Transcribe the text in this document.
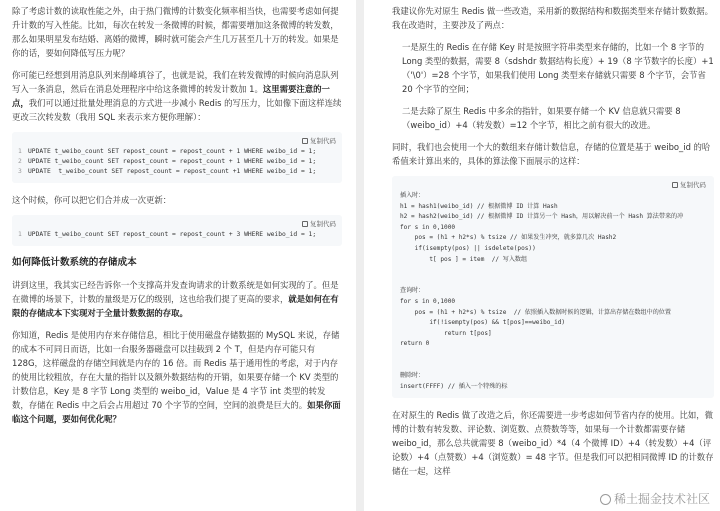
除了考虑计数的读取性能之外，由于热门微博的计数变化频率相当快，也需要考虑如何提升计数的写入性能。比如，每次在转发一条微博的时候，都需要增加这条微博的转发数，那么如果明星发布结婚、离婚的微博，瞬时就可能会产生几万甚至几十万的转发。如果是你的话，要如何降低写压力呢？

你可能已经想到用消息队列来削峰填谷了，也就是说，我们在转发微博的时候向消息队列写入一条消息，然后在消息处理程序中给这条微博的转发计数加 1。这里需要注意的一点，我们可以通过批量处理消息的方式进一步减小 Redis 的写压力，比如像下面这样连续更改三次转发数（我用 SQL 来表示来方便你理解）：

复制代码
1 UPDATE t_weibo_count SET repost_count = repost_count + 1 WHERE weibo_id = 1;
2 UPDATE t_weibo_count SET repost_count = repost_count + 1 WHERE weibo_id = 1;
3 UPDATE  t_weibo_count SET repost_count = repost_count +1 WHERE weibo_id = 1;

这个时候，你可以把它们合并成一次更新：

复制代码
1 UPDATE t_weibo_count SET repost_count = repost_count + 3 WHERE weibo_id = 1;
如何降低计数系统的存储成本

讲到这里，我其实已经告诉你一个支撑高并发查询请求的计数系统是如何实现的了。但是在微博的场景下，计数的量级是万亿的级别，这也给我们提了更高的要求，就是如何在有限的存储成本下实现对于全量计数数据的存取。

你知道，Redis 是使用内存来存储信息，相比于使用磁盘存储数据的 MySQL 来说，存储的成本不可同日而语，比如一台服务器磁盘可以挂载到 2 个 T，但是内存可能只有 128G，这样磁盘的存储空间就是内存的 16 倍。而 Redis 基于通用性的考虑，对于内存的使用比较粗放，存在大量的指针以及额外数据结构的开销，如果要存储一个 KV 类型的计数信息，Key 是 8 字节 Long 类型的 weibo_id，Value 是 4 字节 int 类型的转发数，存储在 Redis 中之后会占用超过 70 个字节的空间，空间的浪费是巨大的。如果你面临这个问题，要如何优化呢？

我建议你先对原生 Redis 做一些改造，采用新的数据结构和数据类型来存储计数数据。我在改造时，主要涉及了两点：

一是原生的 Redis 在存储 Key 时是按照字符串类型来存储的，比如一个 8 字节的 Long 类型的数据，需要 8（sdshdr 数据结构长度）+ 19（8 字节数字的长度）+1（'\0'）=28 个字节，如果我们使用 Long 类型来存储就只需要 8 个字节，会节省 20 个字节的空间；

二是去除了原生 Redis 中多余的指针，如果要存储一个 KV 信息就只需要 8（weibo_id）+4（转发数）=12 个字节，相比之前有很大的改进。

同时，我们也会使用一个大的数组来存储计数信息，存储的位置是基于 weibo_id 的哈希值来计算出来的，具体的算法像下面展示的这样：

复制代码
插入时：
h1 = hash1(weibo_id) // 根据微博 ID 计算 Hash
h2 = hash2(weibo_id) // 根据微博 ID 计算另一个 Hash，用以解决前一个 Hash 算法带来的冲
for s in 0,1000
pos = (h1 + h2*s) % tsize // 如果发生冲突，就多算几次 Hash2
if(isempty(pos) || isdelete(pos))
t[ pos ] = item  // 写入数组

查询时：
for s in 0,1000
pos = (h1 + h2*s) % tsize  // 依照插入数据时候的逻辑，计算出存储在数组中的位置
if(!isempty(pos) && t[pos]==weibo_id)
return t[pos]
return 0

删除时：
insert(FFFF) // 插入一个特殊的标

在对原生的 Redis 做了改造之后，你还需要进一步考虑如何节省内存的使用。比如，微博的计数有转发数、评论数、浏览数、点赞数等等，如果每一个计数都需要存储 weibo_id，那么总共就需要 8（weibo_id）*4（4 个微博 ID）+4（转发数）+4（评论数）+4（点赞数）+4（浏览数）= 48 字节。但是我们可以把相同微博 ID 的计数存储在一起，这样

稀土掘金技术社区
